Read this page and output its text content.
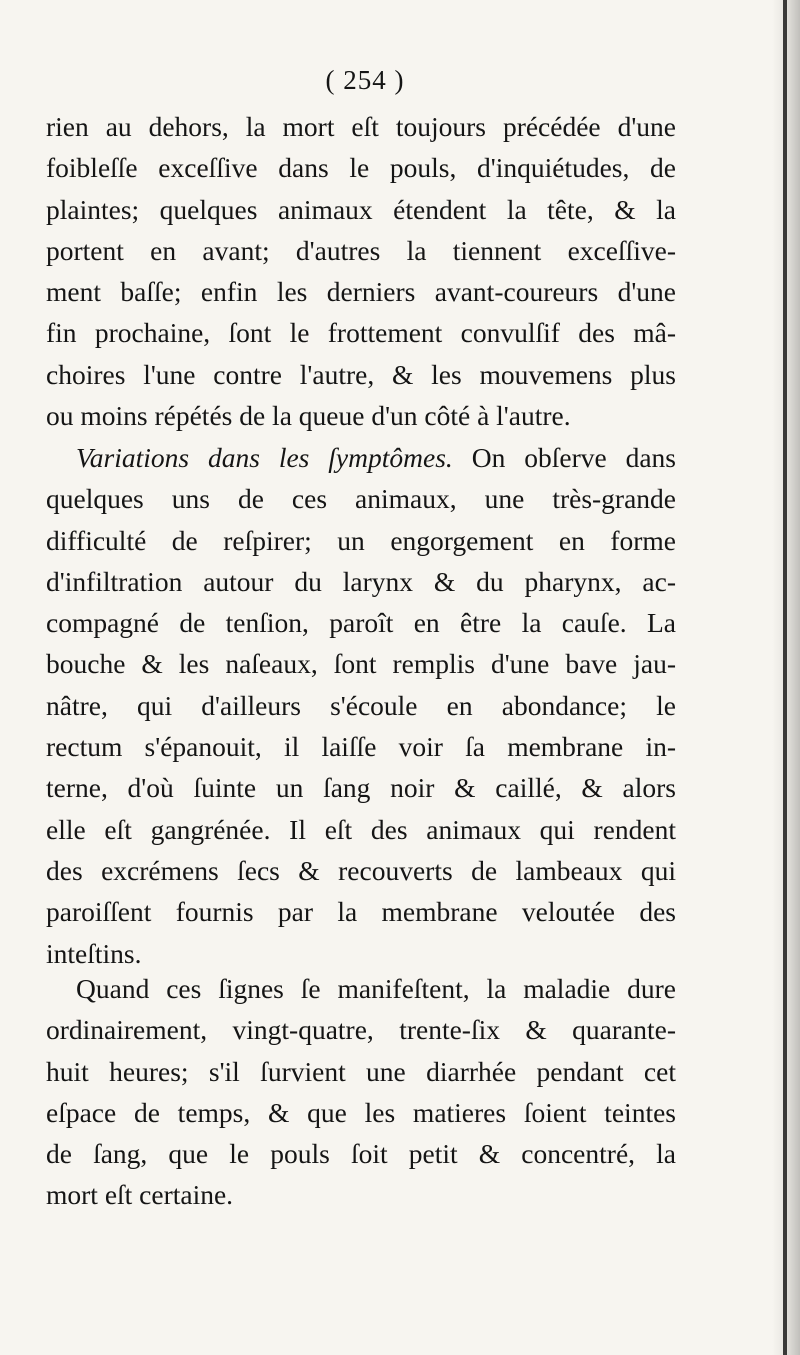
( 254 )
rien au dehors, la mort eſt toujours précédée d'une
foibleſſe exceſſive dans le pouls, d'inquiétudes, de
plaintes; quelques animaux étendent la tête, & la
portent en avant; d'autres la tiennent exceſſive-
ment baſſe; enfin les derniers avant-coureurs d'une
fin prochaine, ſont le frottement convulſif des mâ-
choires l'une contre l'autre, & les mouvemens plus
ou moins répétés de la queue d'un côté à l'autre.
Variations dans les ſymptômes. On obſerve dans
quelques uns de ces animaux, une très-grande
difficulté de reſpirer; un engorgement en forme
d'infiltration autour du larynx & du pharynx, ac-
compagné de tenſion, paroît en être la cauſe. La
bouche & les naſeaux, ſont remplis d'une bave jau-
nâtre, qui d'ailleurs s'écoule en abondance; le
rectum s'épanouit, il laiſſe voir ſa membrane in-
terne, d'où ſuinte un ſang noir & caillé, & alors
elle eſt gangrénée. Il eſt des animaux qui rendent
des excrémens ſecs & recouverts de lambeaux qui
paroiſſent fournis par la membrane veloutée des
inteſtins.
Quand ces ſignes ſe manifeſtent, la maladie dure
ordinairement, vingt-quatre, trente-ſix & quarante-
huit heures; s'il ſurvient une diarrhée pendant cet
eſpace de temps, & que les matieres ſoient teintes
de ſang, que le pouls ſoit petit & concentré, la
mort eſt certaine.
